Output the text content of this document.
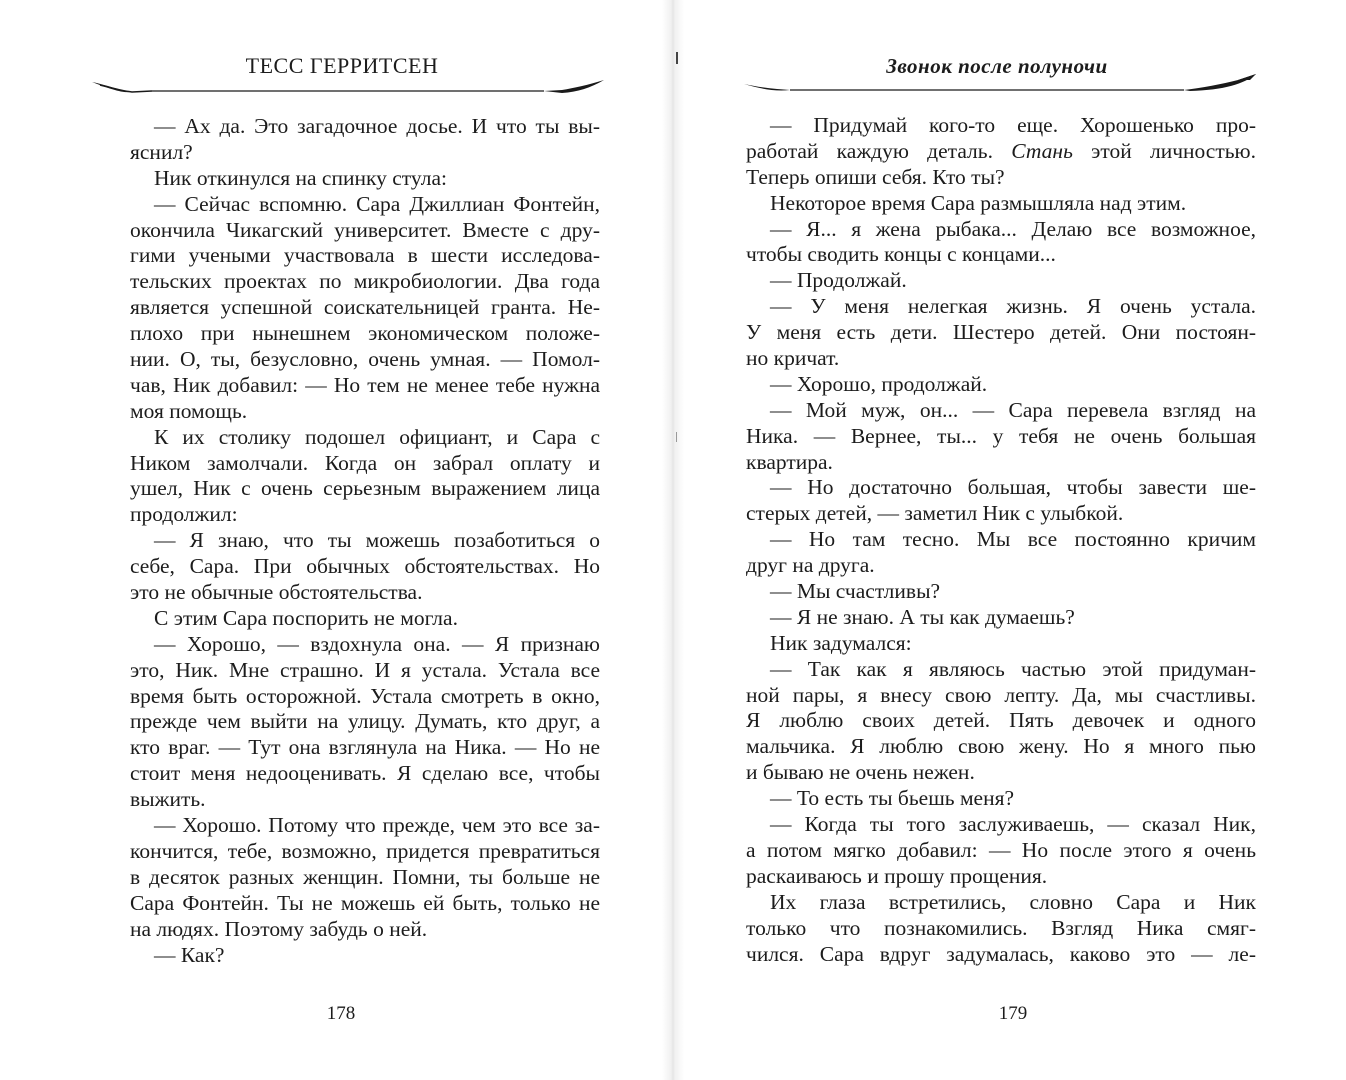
ТЕСС ГЕРРИТСЕН
— Ах да. Это загадочное досье. И что ты вы-
яснил?
Ник откинулся на спинку стула:
— Сейчас вспомню. Сара Джиллиан Фонтейн,
окончила Чикагский университет. Вместе с дру-
гими учеными участвовала в шести исследова-
тельских проектах по микробиологии. Два года
является успешной соискательницей гранта. Не-
плохо при нынешнем экономическом положе-
нии. О, ты, безусловно, очень умная. — Помол-
чав, Ник добавил: — Но тем не менее тебе нужна
моя помощь.
К их столику подошел официант, и Сара с
Ником замолчали. Когда он забрал оплату и
ушел, Ник с очень серьезным выражением лица
продолжил:
— Я знаю, что ты можешь позаботиться о
себе, Сара. При обычных обстоятельствах. Но
это не обычные обстоятельства.
С этим Сара поспорить не могла.
— Хорошо, — вздохнула она. — Я признаю
это, Ник. Мне страшно. И я устала. Устала все
время быть осторожной. Устала смотреть в окно,
прежде чем выйти на улицу. Думать, кто друг, а
кто враг. — Тут она взглянула на Ника. — Но не
стоит меня недооценивать. Я сделаю все, чтобы
выжить.
— Хорошо. Потому что прежде, чем это все за-
кончится, тебе, возможно, придется превратиться
в десяток разных женщин. Помни, ты больше не
Сара Фонтейн. Ты не можешь ей быть, только не
на людях. Поэтому забудь о ней.
— Как?
178
Звонок после полуночи
— Придумай кого-то еще. Хорошенько про-
работай каждую деталь. Стань этой личностью.
Теперь опиши себя. Кто ты?
Некоторое время Сара размышляла над этим.
— Я... я жена рыбака... Делаю все возможное,
чтобы сводить концы с концами...
— Продолжай.
— У меня нелегкая жизнь. Я очень устала.
У меня есть дети. Шестеро детей. Они постоян-
но кричат.
— Хорошо, продолжай.
— Мой муж, он... — Сара перевела взгляд на
Ника. — Вернее, ты... у тебя не очень большая
квартира.
— Но достаточно большая, чтобы завести ше-
стерых детей, — заметил Ник с улыбкой.
— Но там тесно. Мы все постоянно кричим
друг на друга.
— Мы счастливы?
— Я не знаю. А ты как думаешь?
Ник задумался:
— Так как я являюсь частью этой придуман-
ной пары, я внесу свою лепту. Да, мы счастливы.
Я люблю своих детей. Пять девочек и одного
мальчика. Я люблю свою жену. Но я много пью
и бываю не очень нежен.
— То есть ты бьешь меня?
— Когда ты того заслуживаешь, — сказал Ник,
а потом мягко добавил: — Но после этого я очень
раскаиваюсь и прошу прощения.
Их глаза встретились, словно Сара и Ник
только что познакомились. Взгляд Ника смяг-
чился. Сара вдруг задумалась, каково это — ле-
179
